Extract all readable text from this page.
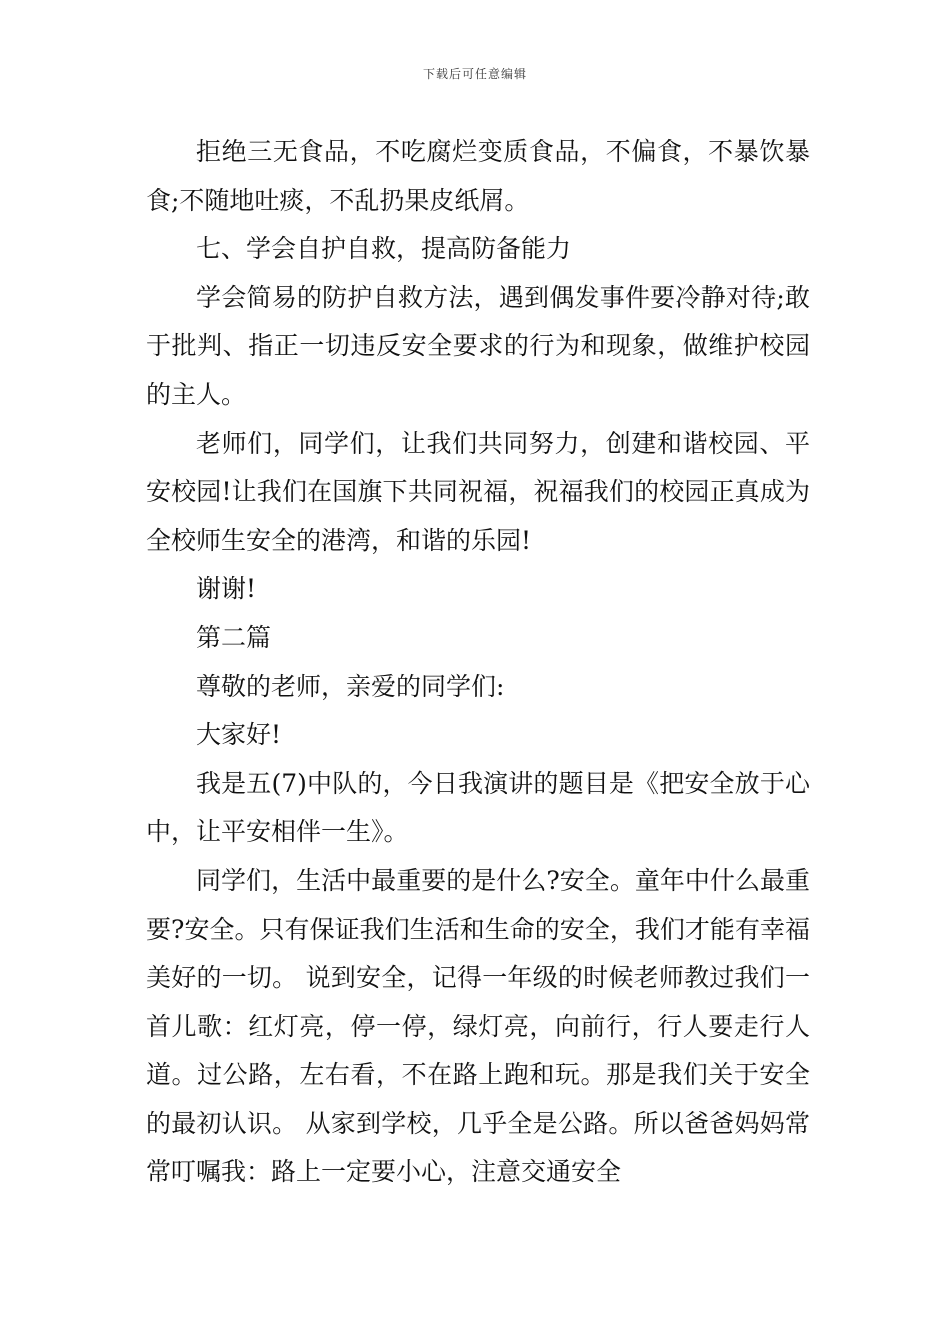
下载后可任意编辑

拒绝三无食品，不吃腐烂变质食品，不偏食，不暴饮暴食;不随地吐痰，不乱扔果皮纸屑。

七、学会自护自救，提高防备能力

学会简易的防护自救方法，遇到偶发事件要冷静对待;敢于批判、指正一切违反安全要求的行为和现象，做维护校园的主人。

老师们，同学们，让我们共同努力，创建和谐校园、平安校园!让我们在国旗下共同祝福，祝福我们的校园正真成为全校师生安全的港湾，和谐的乐园!

谢谢!

第二篇

尊敬的老师，亲爱的同学们:

大家好!

我是五(7)中队的，今日我演讲的题目是《把安全放于心中，让平安相伴一生》。

同学们，生活中最重要的是什么?安全。童年中什么最重要?安全。只有保证我们生活和生命的安全，我们才能有幸福美好的一切。 说到安全，记得一年级的时候老师教过我们一首儿歌：红灯亮，停一停，绿灯亮，向前行，行人要走行人道。过公路，左右看，不在路上跑和玩。那是我们关于安全的最初认识。 从家到学校，几乎全是公路。所以爸爸妈妈常常叮嘱我：路上一定要小心，注意交通安全
